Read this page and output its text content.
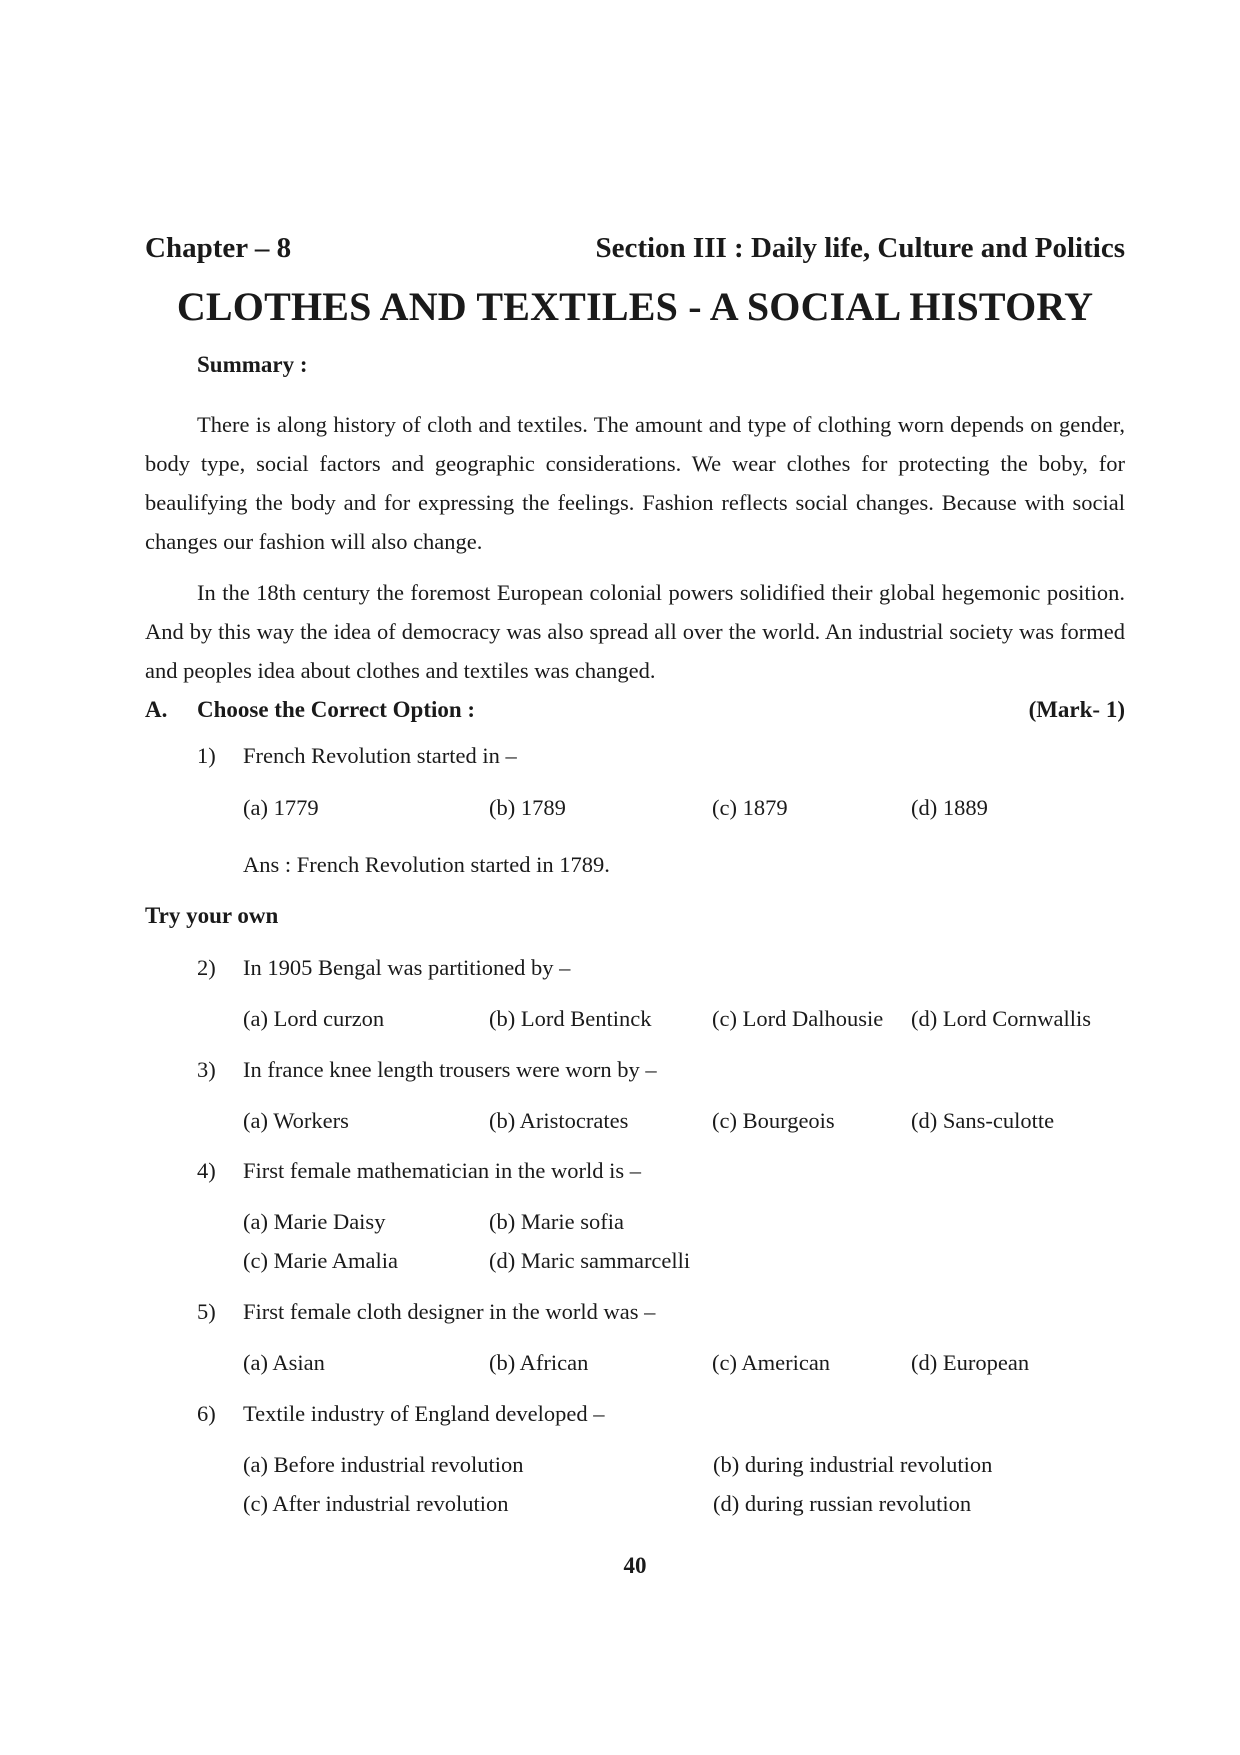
Chapter – 8	Section III : Daily life, Culture and Politics
CLOTHES AND TEXTILES - A SOCIAL HISTORY
Summary :

There is along history of cloth and textiles. The amount and type of clothing worn depends on gender, body type, social factors and geographic considerations. We wear clothes for protecting the boby, for beaulifying the body and for expressing the feelings. Fashion reflects social changes. Because with social changes our fashion will also change.

In the 18th century the foremost European colonial powers solidified their global hegemonic position. And by this way the idea of democracy was also spread all over the world. An industrial society was formed and peoples idea about clothes and textiles was changed.

A.	Choose the Correct Option :	(Mark- 1)
1)	French Revolution started in –
(a) 1779	(b) 1789	(c) 1879	(d) 1889
Ans : French Revolution started in 1789.
Try your own
2)	In 1905 Bengal was partitioned by –
(a) Lord curzon	(b) Lord Bentinck	(c) Lord Dalhousie	(d) Lord Cornwallis
3)	In france knee length trousers were worn by –
(a) Workers	(b) Aristocrates	(c) Bourgeois	(d) Sans-culotte
4)	First female mathematician in the world is –
(a) Marie Daisy	(b) Marie sofia
(c) Marie Amalia	(d) Maric sammarcelli
5)	First female cloth designer in the world was –
(a) Asian	(b) African	(c) American	(d) European
6)	Textile industry of England developed –
(a) Before industrial revolution	(b) during industrial revolution
(c) After industrial revolution	(d) during russian revolution
40
